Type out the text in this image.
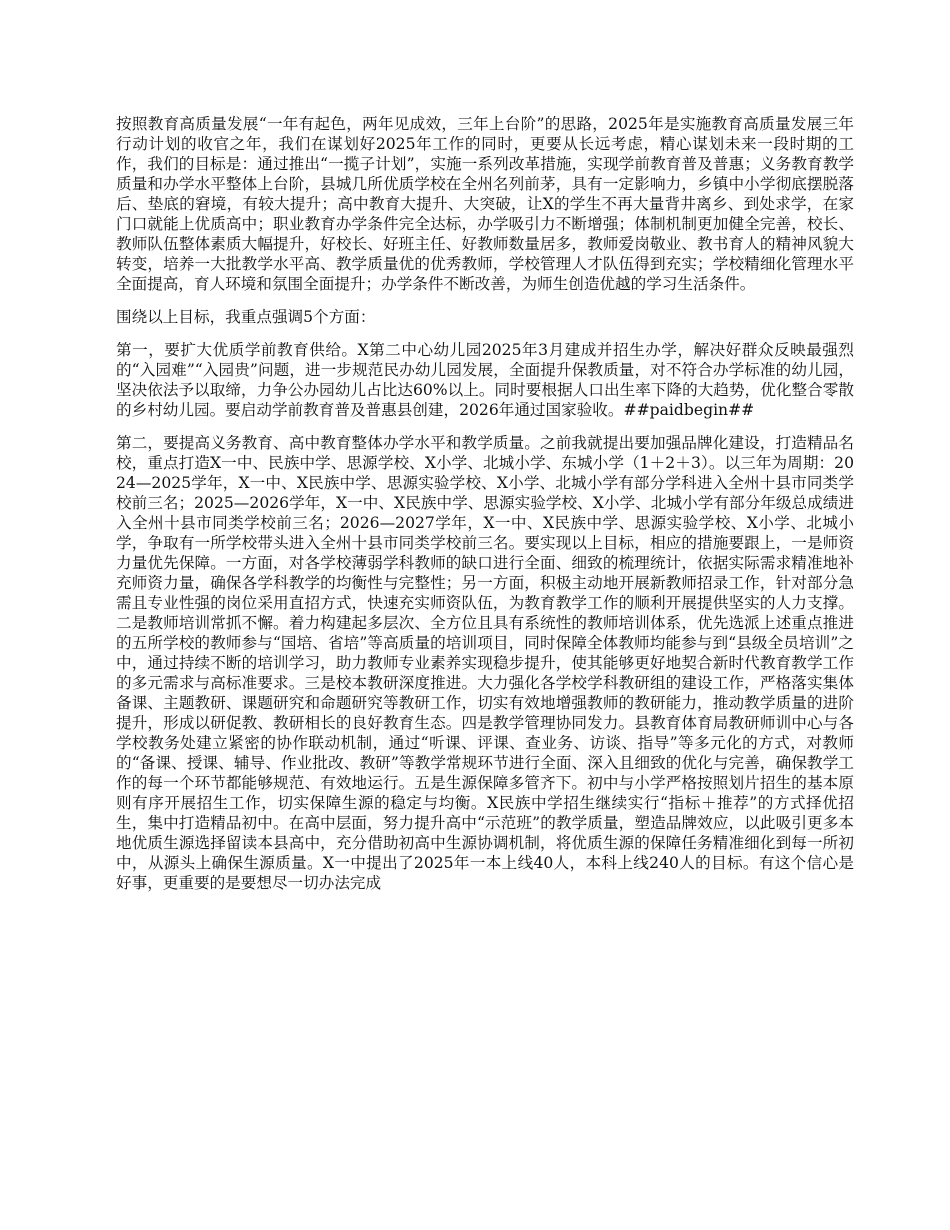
按照教育高质量发展“一年有起色，两年见成效，三年上台阶”的思路，2025年是实施教育高质量发展三年行动计划的收官之年，我们在谋划好2025年工作的同时，更要从长远考虑，精心谋划未来一段时期的工作，我们的目标是：通过推出“一揽子计划”，实施一系列改革措施，实现学前教育普及普惠；义务教育教学质量和办学水平整体上台阶，县城几所优质学校在全州名列前茅，具有一定影响力，乡镇中小学彻底摆脱落后、垫底的窘境，有较大提升；高中教育大提升、大突破，让X的学生不再大量背井离乡、到处求学，在家门口就能上优质高中；职业教育办学条件完全达标，办学吸引力不断增强；体制机制更加健全完善，校长、教师队伍整体素质大幅提升，好校长、好班主任、好教师数量居多，教师爱岗敬业、教书育人的精神风貌大转变，培养一大批教学水平高、教学质量优的优秀教师，学校管理人才队伍得到充实；学校精细化管理水平全面提高，育人环境和氛围全面提升；办学条件不断改善，为师生创造优越的学习生活条件。

围绕以上目标，我重点强调5个方面：

第一，要扩大优质学前教育供给。X第二中心幼儿园2025年3月建成并招生办学，解决好群众反映最强烈的“入园难”“入园贵”问题，进一步规范民办幼儿园发展，全面提升保教质量，对不符合办学标准的幼儿园，坚决依法予以取缔，力争公办园幼儿占比达60%以上。同时要根据人口出生率下降的大趋势，优化整合零散的乡村幼儿园。要启动学前教育普及普惠县创建，2026年通过国家验收。##paidbegin##

第二，要提高义务教育、高中教育整体办学水平和教学质量。之前我就提出要加强品牌化建设，打造精品名校，重点打造X一中、民族中学、思源学校、X小学、北城小学、东城小学（1＋2＋3）。以三年为周期：2024—2025学年，X一中、X民族中学、思源实验学校、X小学、北城小学有部分学科进入全州十县市同类学校前三名；2025—2026学年，X一中、X民族中学、思源实验学校、X小学、北城小学有部分年级总成绩进入全州十县市同类学校前三名；2026—2027学年，X一中、X民族中学、思源实验学校、X小学、北城小学，争取有一所学校带头进入全州十县市同类学校前三名。要实现以上目标，相应的措施要跟上，一是师资力量优先保障。一方面，对各学校薄弱学科教师的缺口进行全面、细致的梳理统计，依据实际需求精准地补充师资力量，确保各学科教学的均衡性与完整性；另一方面，积极主动地开展新教师招录工作，针对部分急需且专业性强的岗位采用直招方式，快速充实师资队伍，为教育教学工作的顺利开展提供坚实的人力支撑。二是教师培训常抓不懈。着力构建起多层次、全方位且具有系统性的教师培训体系，优先选派上述重点推进的五所学校的教师参与“国培、省培”等高质量的培训项目，同时保障全体教师均能参与到“县级全员培训”之中，通过持续不断的培训学习，助力教师专业素养实现稳步提升，使其能够更好地契合新时代教育教学工作的多元需求与高标准要求。三是校本教研深度推进。大力强化各学校学科教研组的建设工作，严格落实集体备课、主题教研、课题研究和命题研究等教研工作，切实有效地增强教师的教研能力，推动教学质量的进阶提升，形成以研促教、教研相长的良好教育生态。四是教学管理协同发力。县教育体育局教研师训中心与各学校教务处建立紧密的协作联动机制，通过“听课、评课、查业务、访谈、指导”等多元化的方式，对教师的“备课、授课、辅导、作业批改、教研”等教学常规环节进行全面、深入且细致的优化与完善，确保教学工作的每一个环节都能够规范、有效地运行。五是生源保障多管齐下。初中与小学严格按照划片招生的基本原则有序开展招生工作，切实保障生源的稳定与均衡。X民族中学招生继续实行“指标＋推荐”的方式择优招生，集中打造精品初中。在高中层面，努力提升高中“示范班”的教学质量，塑造品牌效应，以此吸引更多本地优质生源选择留读本县高中，充分借助初高中生源协调机制，将优质生源的保障任务精准细化到每一所初中，从源头上确保生源质量。X一中提出了2025年一本上线40人，本科上线240人的目标。有这个信心是好事，更重要的是要想尽一切办法完成
